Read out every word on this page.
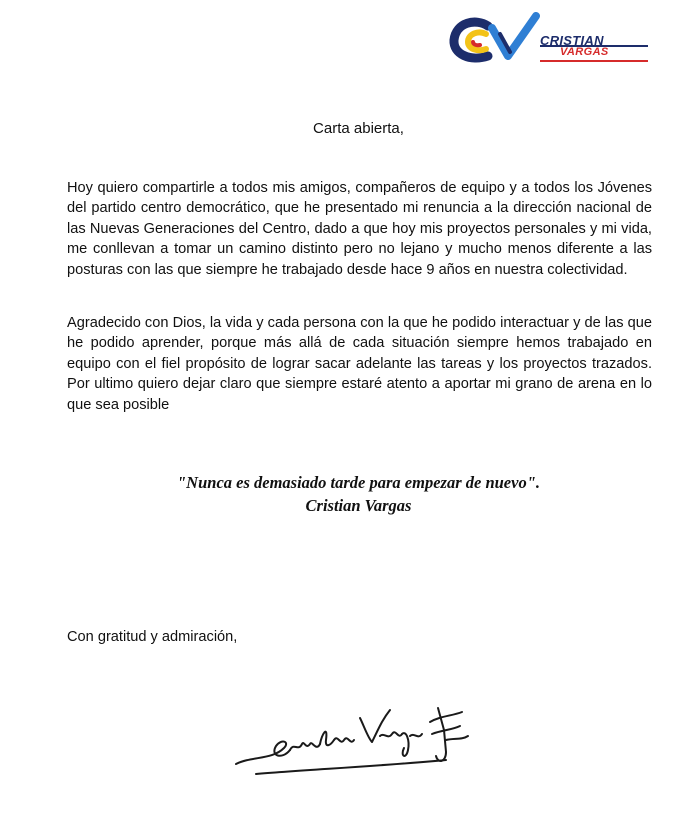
CRISTIAN
VARGAS
Carta abierta,

Hoy quiero compartirle a todos mis amigos, compañeros de equipo y a todos los Jóvenes del partido centro democrático, que he presentado mi renuncia a la dirección nacional de las Nuevas Generaciones del Centro, dado a que hoy mis proyectos personales y mi vida, me conllevan a tomar un camino distinto pero no lejano y mucho menos diferente a las posturas con las que siempre he trabajado desde hace 9 años en nuestra colectividad.

Agradecido con Dios, la vida y cada persona con la que he podido interactuar y de las que he podido aprender, porque más allá de cada situación siempre hemos trabajado en equipo con el fiel propósito de lograr sacar adelante las tareas y los proyectos trazados. Por ultimo quiero dejar claro que siempre estaré atento a aportar mi grano de arena en lo que sea posible

"Nunca es demasiado tarde para empezar de nuevo".
Cristian Vargas
Con gratitud y admiración,
